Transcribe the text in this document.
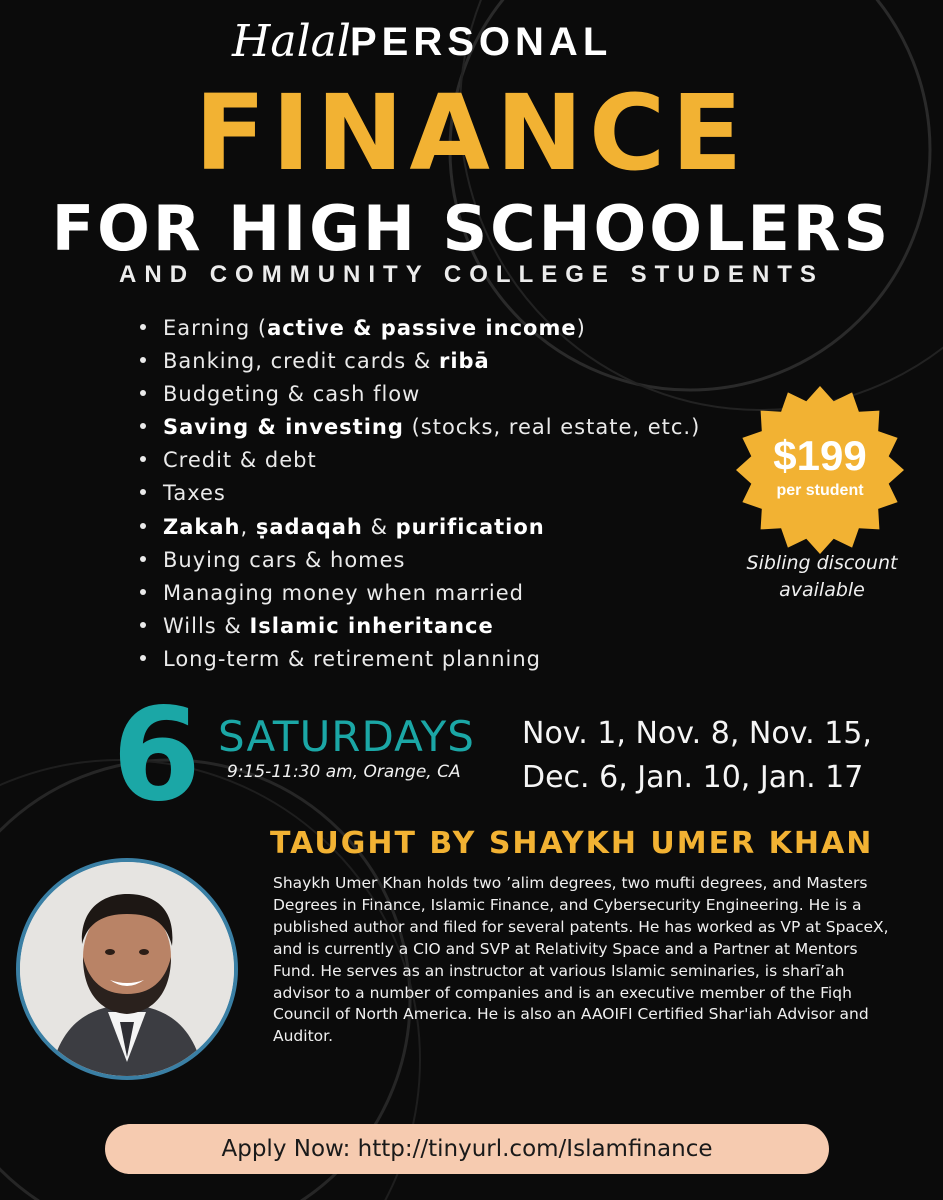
Halal PERSONAL
FINANCE
FOR HIGH SCHOOLERS
AND COMMUNITY COLLEGE STUDENTS
Earning (active & passive income)
Banking, credit cards & ribā
Budgeting & cash flow
Saving & investing (stocks, real estate, etc.)
Credit & debt
Taxes
Zakah, ṣadaqah & purification
Buying cars & homes
Managing money when married
Wills & Islamic inheritance
Long-term & retirement planning
$199
per student
Sibling discount available
6 SATURDAYS
9:15-11:30 am, Orange, CA
Nov. 1, Nov. 8, Nov. 15,
Dec. 6, Jan. 10, Jan. 17
TAUGHT BY SHAYKH UMER KHAN
Shaykh Umer Khan holds two ’alim degrees, two mufti degrees, and Masters Degrees in Finance, Islamic Finance, and Cybersecurity Engineering. He is a published author and filed for several patents. He has worked as VP at SpaceX, and is currently a CIO and SVP at Relativity Space and a Partner at Mentors Fund. He serves as an instructor at various Islamic seminaries, is sharī’ah advisor to a number of companies and is an executive member of the Fiqh Council of North America. He is also an AAOIFI Certified Shar'iah Advisor and Auditor.
Apply Now: http://tinyurl.com/Islamfinance
